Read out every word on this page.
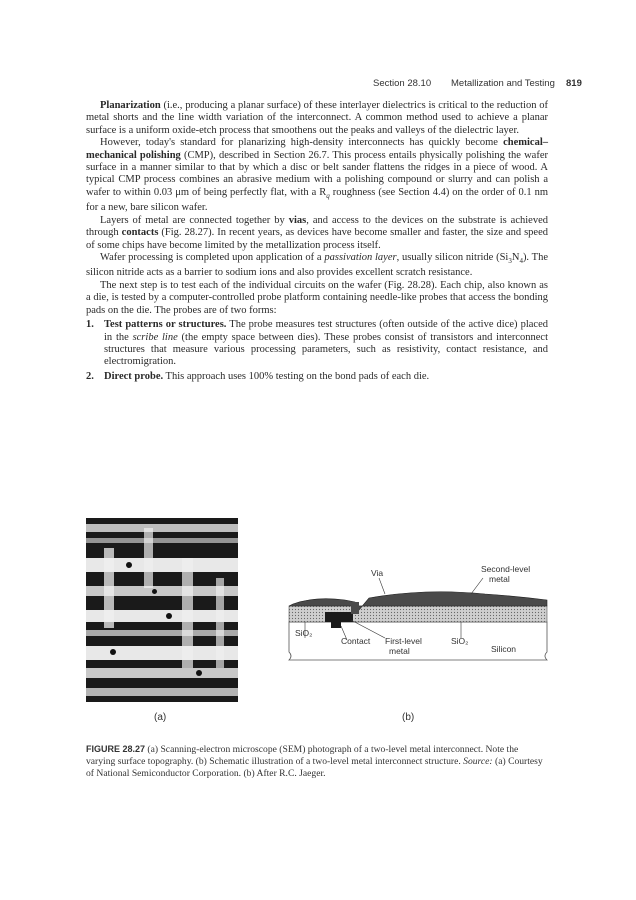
Section 28.10 Metallization and Testing 819

Planarization (i.e., producing a planar surface) of these interlayer dielectrics is critical to the reduction of metal shorts and the line width variation of the interconnect. A common method used to achieve a planar surface is a uniform oxide-etch process that smoothens out the peaks and valleys of the dielectric layer.

However, today's standard for planarizing high-density interconnects has quickly become chemical–mechanical polishing (CMP), described in Section 26.7. This process entails physically polishing the wafer surface in a manner similar to that by which a disc or belt sander flattens the ridges in a piece of wood. A typical CMP process combines an abrasive medium with a polishing compound or slurry and can polish a wafer to within 0.03 μm of being perfectly flat, with a $R_q$ roughness (see Section 4.4) on the order of 0.1 nm for a new, bare silicon wafer.

Layers of metal are connected together by vias, and access to the devices on the substrate is achieved through contacts (Fig. 28.27). In recent years, as devices have become smaller and faster, the size and speed of some chips have become limited by the metallization process itself.

Wafer processing is completed upon application of a passivation layer, usually silicon nitride $(Si_3N_4)$. The silicon nitride acts as a barrier to sodium ions and also provides excellent scratch resistance.

The next step is to test each of the individual circuits on the wafer (Fig. 28.28). Each chip, also known as a die, is tested by a computer-controlled probe platform containing needle-like probes that access the bonding pads on the die. The probes are of two forms:

1. Test patterns or structures. The probe measures test structures (often outside of the active dice) placed in the scribe line (the empty space between dies). These probes consist of transistors and interconnect structures that measure various processing parameters, such as resistivity, contact resistance, and electromigration.
2. Direct probe. This approach uses 100% testing on the bond pads of each die.
(a)
Via	Second-level
metal
SiO₂
Contact First-level
metal
SiO₂
Silicon
(b)
FIGURE 28.27 (a) Scanning-electron microscope (SEM) photograph of a two-level metal interconnect. Note the varying surface topography. (b) Schematic illustration of a two-level metal interconnect structure. Source: (a) Courtesy of National Semiconductor Corporation. (b) After R.C. Jaeger.
